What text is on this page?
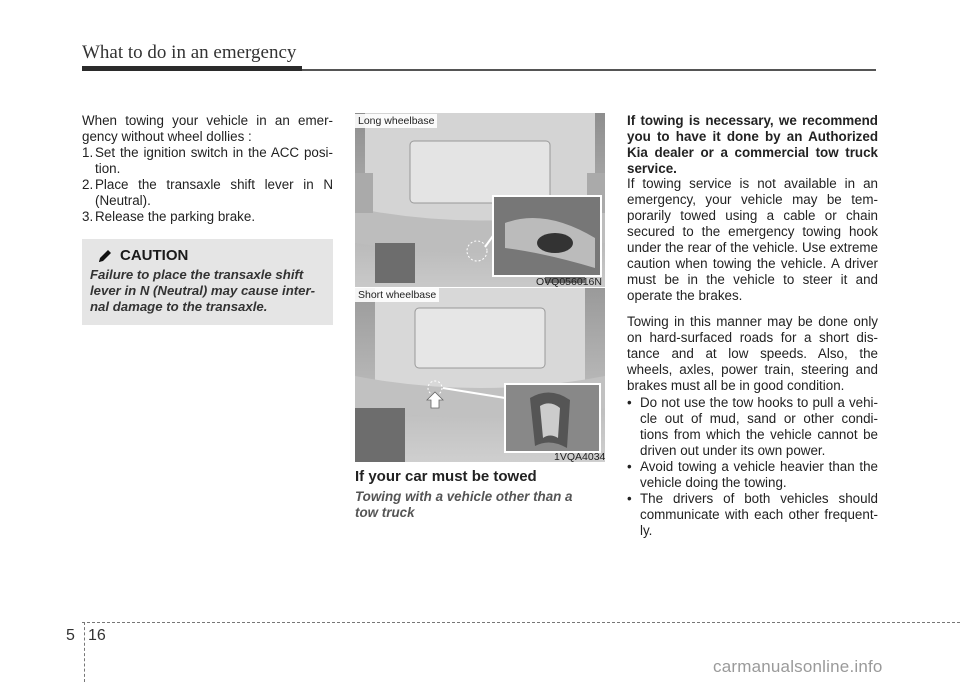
What to do in an emergency
When towing your vehicle in an emer- gency without wheel dollies :
1. Set the ignition switch in the ACC posi- tion.
2. Place the transaxle shift lever in N (Neutral).
3. Release the parking brake.
CAUTION
Failure to place the transaxle shift lever in N (Neutral) may cause inter- nal damage to the transaxle.
Long wheelbase
OVQ056016N
Short wheelbase
1VQA4034
If your car must be towed
Towing with a vehicle other than a tow truck
If towing is necessary, we recommend you to have it done by an Authorized Kia dealer or a commercial tow truck service.
If towing service is not available in an emergency, your vehicle may be tem- porarily towed using a cable or chain secured to the emergency towing hook under the rear of the vehicle. Use extreme caution when towing the vehicle. A driver must be in the vehicle to steer it and operate the brakes.
Towing in this manner may be done only on hard-surfaced roads for a short dis- tance and at low speeds. Also, the wheels, axles, power train, steering and brakes must all be in good condition.
• Do not use the tow hooks to pull a vehi- cle out of mud, sand or other condi- tions from which the vehicle cannot be driven out under its own power.
• Avoid towing a vehicle heavier than the vehicle doing the towing.
• The drivers of both vehicles should communicate with each other frequent- ly.
5 16
carmanualsonline.info
